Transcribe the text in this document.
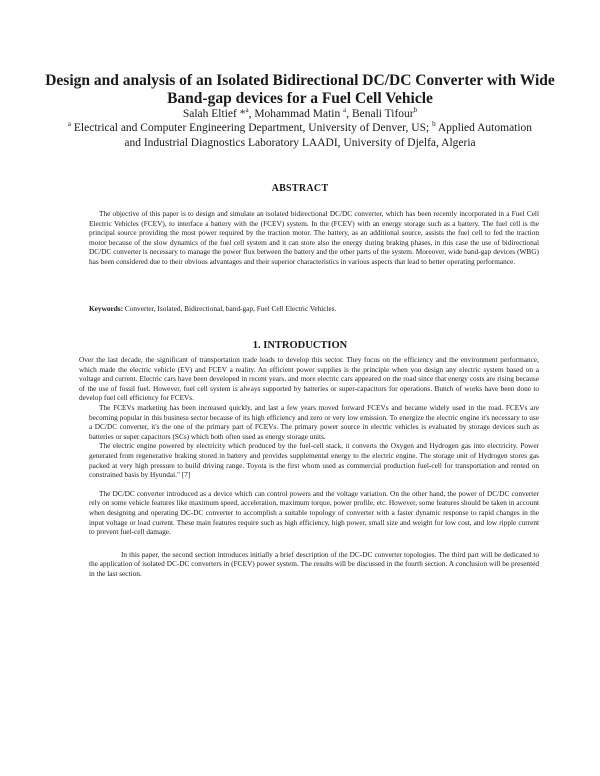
Design and analysis of an Isolated Bidirectional DC/DC Converter with Wide Band-gap devices for a Fuel Cell Vehicle
Salah Eltief *$^a$, Mohammad Matin $^a$, Benali Tifour$^b$
$^a$ Electrical and Computer Engineering Department, University of Denver, US; $^b$ Applied Automation and Industrial Diagnostics Laboratory LAADI, University of Djelfa, Algeria
ABSTRACT
The objective of this paper is to design and simulate an isolated bidirectional DC/DC converter, which has been recently incorporated in a Fuel Cell Electric Vehicles (FCEV), to interface a battery with the (FCEV) system. In the (FCEV) with an energy storage such as a battery. The fuel cell is the principal source providing the most power required by the traction motor. The battery, as an additional source, assists the fuel cell to fed the traction motor because of the slow dynamics of the fuel cell system and it can store also the energy during braking phases, in this case the use of bidirectional DC/DC converter is necessary to manage the power flux between the battery and the other parts of the system. Moreover, wide band-gap devices (WBG) has been considered due to their obvious advantages and their superior characteristics in various aspects that lead to better operating performance.
Keywords: Converter, Isolated, Bidirectional, band-gap, Fuel Cell Electric Vehicles.
1. INTRODUCTION

Over the last decade, the significant of transportation trade leads to develop this sector. They focus on the efficiency and the environment performance, which made the electric vehicle (EV) and FCEV a reality. An efficient power supplies is the principle when you design any electric system based on a voltage and current. Electric cars have been developed in recent years, and more electric cars appeared on the road since that energy costs are rising because of the use of fossil fuel. However, fuel cell system is always supported by batteries or super-capacitors for operations. Bunch of works have been done to develop fuel cell efficiency for FCEVs.

The FCEVs marketing has been increased quickly, and last a few years moved forward FCEVs and became widely used in the road. FCEVs are becoming popular in this business sector because of its high efficiency and zero or very low emission. To energize the electric engine it's necessary to use a DC/DC converter, it's the one of the primary part of FCEVs. The primary power source in electric vehicles is evaluated by storage devices such as batteries or super capacitors (SCs) which both often used as energy storage units.

The electric engine powered by electricity which produced by the fuel-cell stack, it converts the Oxygen and Hydrogen gas into electricity. Power generated from regenerative braking stored in battery and provides supplemental energy to the electric engine. The storage unit of Hydrogen stores gas packed at very high pressure to build driving range. Toyota is the first whom used as commercial production fuel-cell for transportation and rented on constrained basis by Hyundai." [7]

The DC/DC converter introduced as a device which can control powers and the voltage variation. On the other hand, the power of DC/DC converter rely on some vehicle features like maximum speed, acceleration, maximum torque, power profile, etc. However, some features should be taken in account when designing and operating DC-DC converter to accomplish a suitable topology of converter with a faster dynamic response to rapid changes in the input voltage or load current. These main features require such as high efficiency, high power, small size and weight for low cost, and low ripple current to prevent fuel-cell damage.

In this paper, the second section introduces initially a brief description of the DC-DC converter topologies. The third part will be dedicated to the application of isolated DC-DC converters in (FCEV) power system. The results will be discussed in the fourth section. A conclusion will be presented in the last section.
